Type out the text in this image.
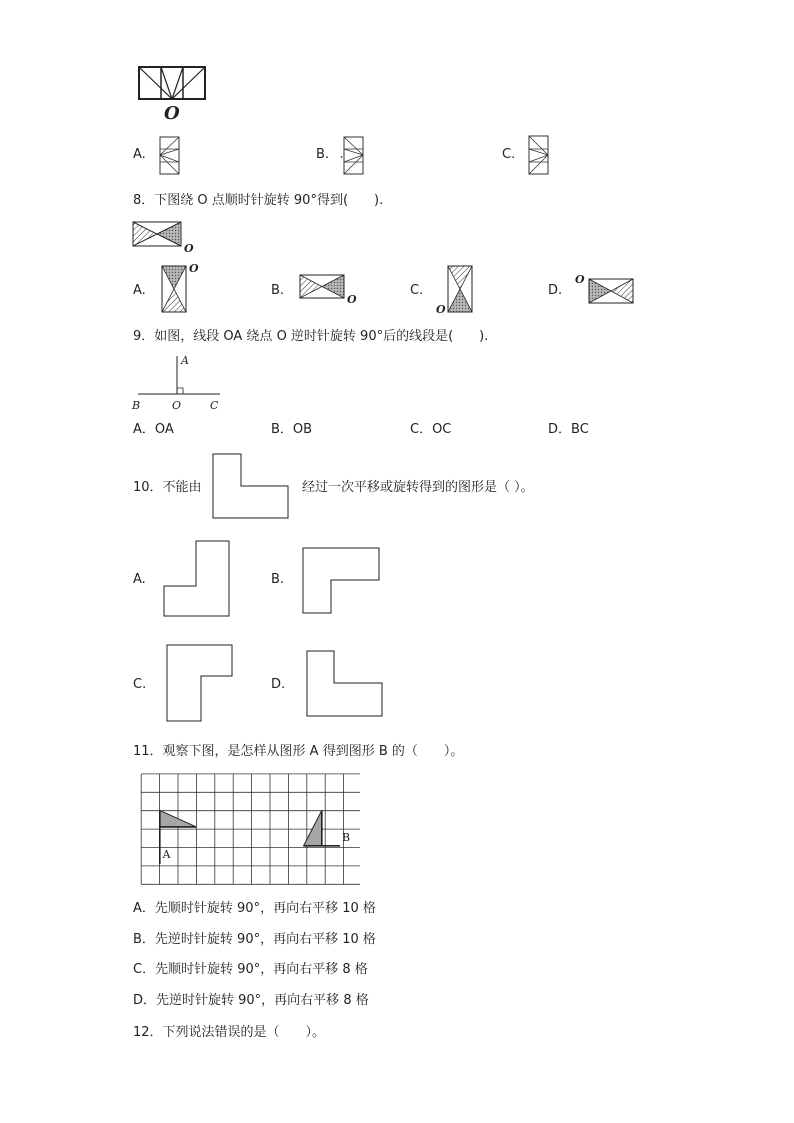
O
A.	B.	C.
8．下图绕 O 点顺时针旋转 90°得到(　　).
O
A.
O
B.
O
C.
O
D.
O
9．如图，线段 OA 绕点 O 逆时针旋转 90°后的线段是(　　).
A
B	O	C
A．OA	B．OB	C．OC	D．BC
10．不能由	经过一次平移或旋转得到的图形是（ ）。
A.	B.
C.	D.
11．观察下图，是怎样从图形 A 得到图形 B 的（　　）。
A
B
A．先顺时针旋转 90°，再向右平移 10 格
B．先逆时针旋转 90°，再向右平移 10 格
C．先顺时针旋转 90°，再向右平移 8 格
D．先逆时针旋转 90°，再向右平移 8 格
12．下列说法错误的是（　　）。
